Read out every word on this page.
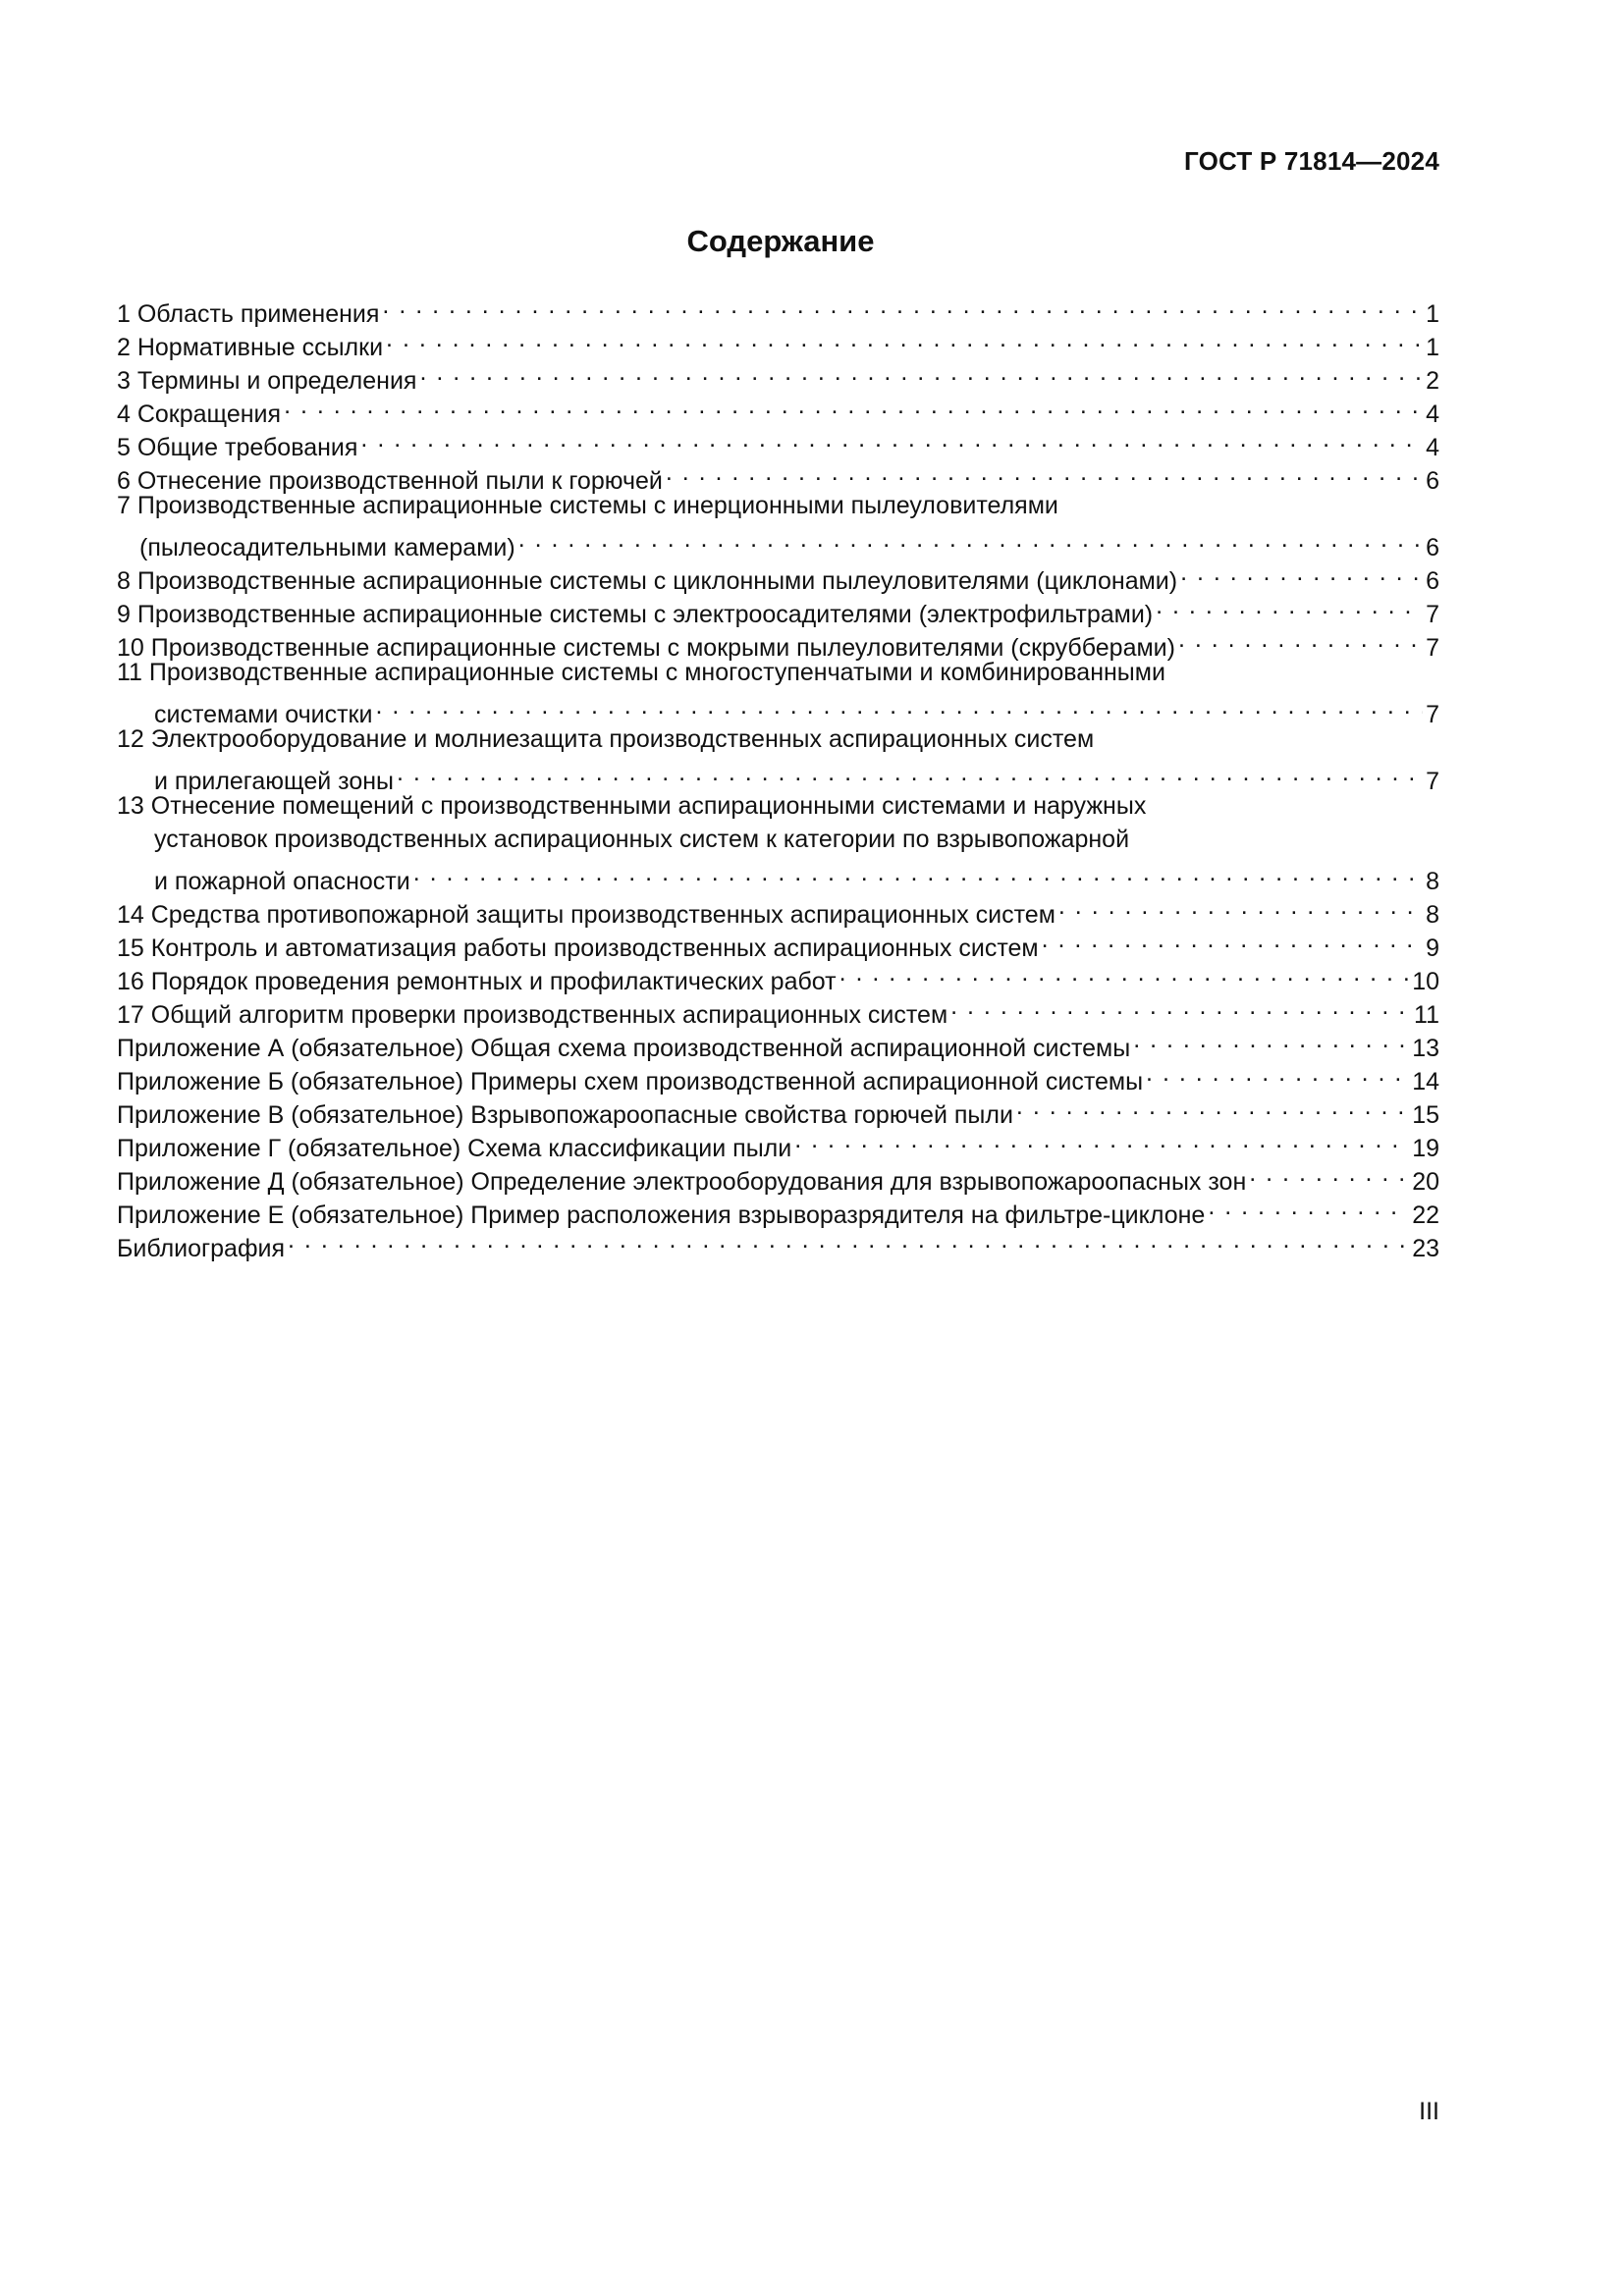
ГОСТ Р 71814—2024
Содержание
1 Область применения . . .	1
2 Нормативные ссылки . . .	1
3 Термины и определения . . .	2
4 Сокращения . . .	4
5 Общие требования . . .	4
6 Отнесение производственной пыли к горючей . . .	6
7 Производственные аспирационные системы с инерционными пылеуловителями
(пылеосадительными камерами) . . .	6
8 Производственные аспирационные системы с циклонными пылеуловителями (циклонами) . . .	6
9 Производственные аспирационные системы с электроосадителями (электрофильтрами) . . .	7
10 Производственные аспирационные системы с мокрыми пылеуловителями (скрубберами) . . .	7
11 Производственные аспирационные системы с многоступенчатыми и комбинированными
системами очистки . . .	7
12 Электрооборудование и молниезащита производственных аспирационных систем
и прилегающей зоны . . .	7
13 Отнесение помещений с производственными аспирационными системами и наружных
установок производственных аспирационных систем к категории по взрывопожарной
и пожарной опасности . . .	8
14 Средства противопожарной защиты производственных аспирационных систем . . .	8
15 Контроль и автоматизация работы производственных аспирационных систем . . .	9
16 Порядок проведения ремонтных и профилактических работ . . .	10
17 Общий алгоритм проверки производственных аспирационных систем . . .	11
Приложение А (обязательное) Общая схема производственной аспирационной системы . . .	13
Приложение Б (обязательное) Примеры схем производственной аспирационной системы . . .	14
Приложение В (обязательное) Взрывопожароопасные свойства горючей пыли . . .	15
Приложение Г (обязательное) Схема классификации пыли . . .	19
Приложение Д (обязательное) Определение электрооборудования для взрывопожароопасных зон . . .	20
Приложение Е (обязательное) Пример расположения взрыворазрядителя на фильтре-циклоне . . .	22
Библиография . . .	23
III
